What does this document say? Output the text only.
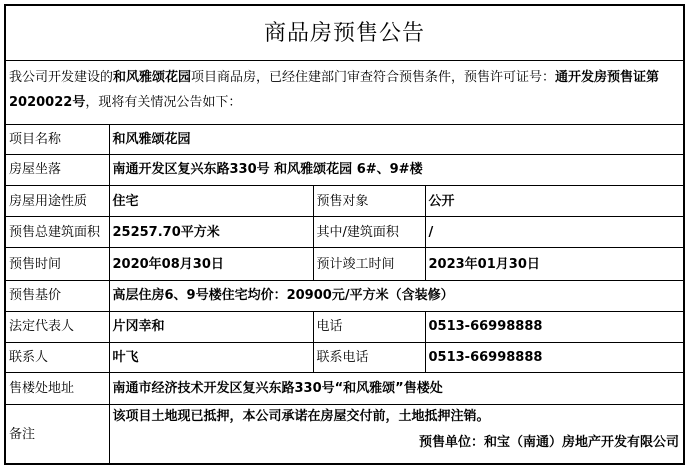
商品房预售公告			
我公司开发建设的和风雅颂花园项目商品房，已经住建部门审查符合预售条件，预售许可证号：通开发房预售证第2020022号，现将有关情况公告如下：			
项目名称	和风雅颂花园		
房屋坐落	南通开发区复兴东路330号 和风雅颂花园 6#、9#楼		
房屋用途性质	住宅	预售对象	公开
预售总建筑面积	25257.70平方米	其中/建筑面积	/
预售时间	2020年08月30日	预计竣工时间	2023年01月30日
预售基价	高层住房6、9号楼住宅均价：20900元/平方米（含装修）		
法定代表人	片冈幸和	电话	0513-66998888
联系人	叶飞	联系电话	0513-66998888
售楼处地址	南通市经济技术开发区复兴东路330号“和风雅颂”售楼处		
备注	该项目土地现已抵押，本公司承诺在房屋交付前，土地抵押注销。
预售单位：和宝（南通）房地产开发有限公司		
